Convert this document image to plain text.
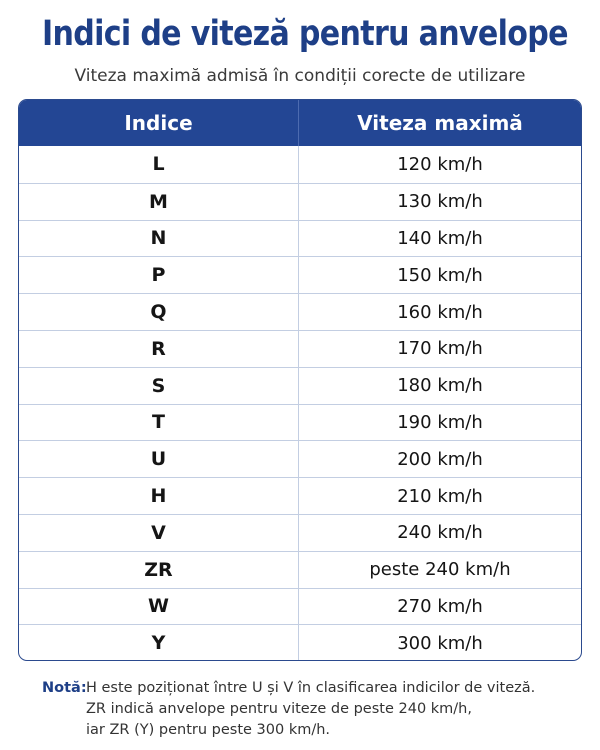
Indici de viteză pentru anvelope
Viteza maximă admisă în condiții corecte de utilizare
Indice	Viteza maximă
L	120 km/h
M	130 km/h
N	140 km/h
P	150 km/h
Q	160 km/h
R	170 km/h
S	180 km/h
T	190 km/h
U	200 km/h
H	210 km/h
V	240 km/h
ZR	peste 240 km/h
W	270 km/h
Y	300 km/h
Notă: H este poziționat între U și V în clasificarea indicilor de viteză.
ZR indică anvelope pentru viteze de peste 240 km/h,
iar ZR (Y) pentru peste 300 km/h.
